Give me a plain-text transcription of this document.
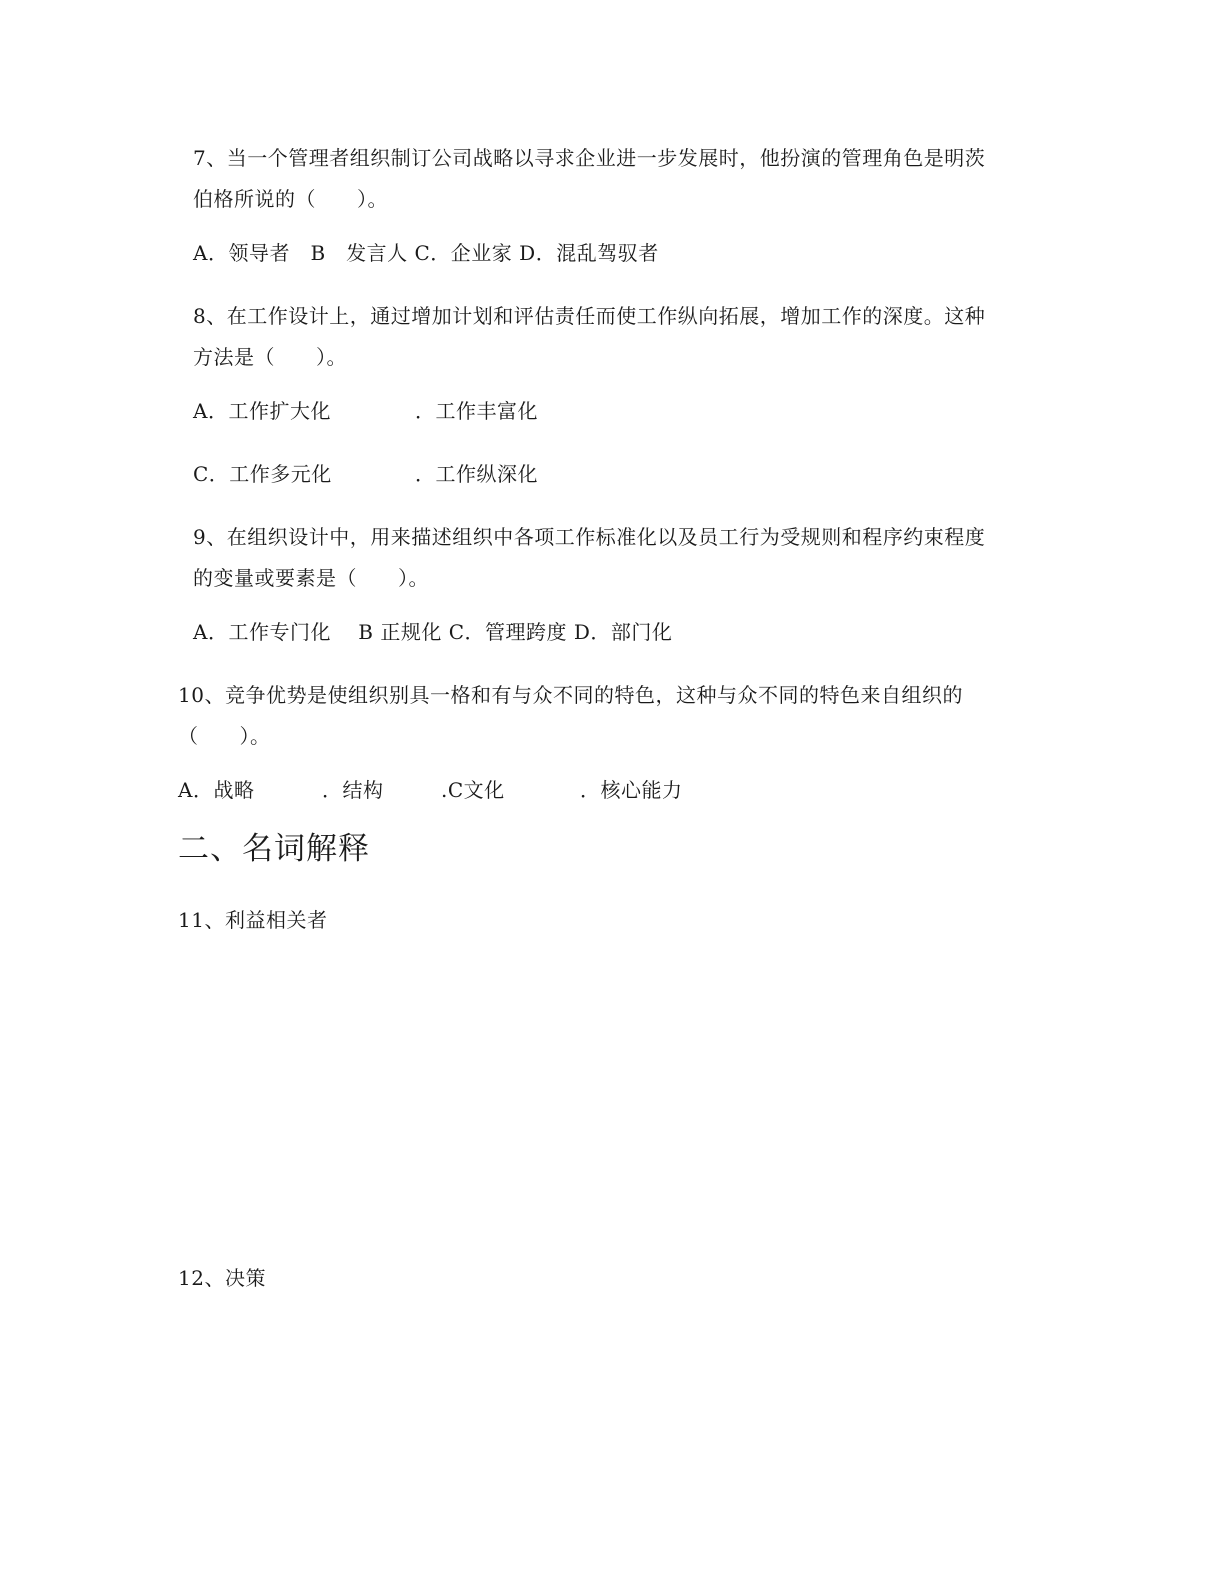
7、当一个管理者组织制订公司战略以寻求企业进一步发展时，他扮演的管理角色是明茨
伯格所说的（　　）。
A．领导者　B　发言人 C．企业家 D．混乱驾驭者
8、在工作设计上，通过增加计划和评估责任而使工作纵向拓展，增加工作的深度。这种
方法是（　　）。
A．工作扩大化	．工作丰富化
C．工作多元化	．工作纵深化
9、在组织设计中，用来描述组织中各项工作标准化以及员工行为受规则和程序约束程度
的变量或要素是（　　）。
A．工作专门化　 B 正规化 C．管理跨度 D．部门化
10、竞争优势是使组织别具一格和有与众不同的特色，这种与众不同的特色来自组织的
（　　）。
A．战略	．结构	.C文化	．核心能力
二、名词解释
11、利益相关者
12、决策
